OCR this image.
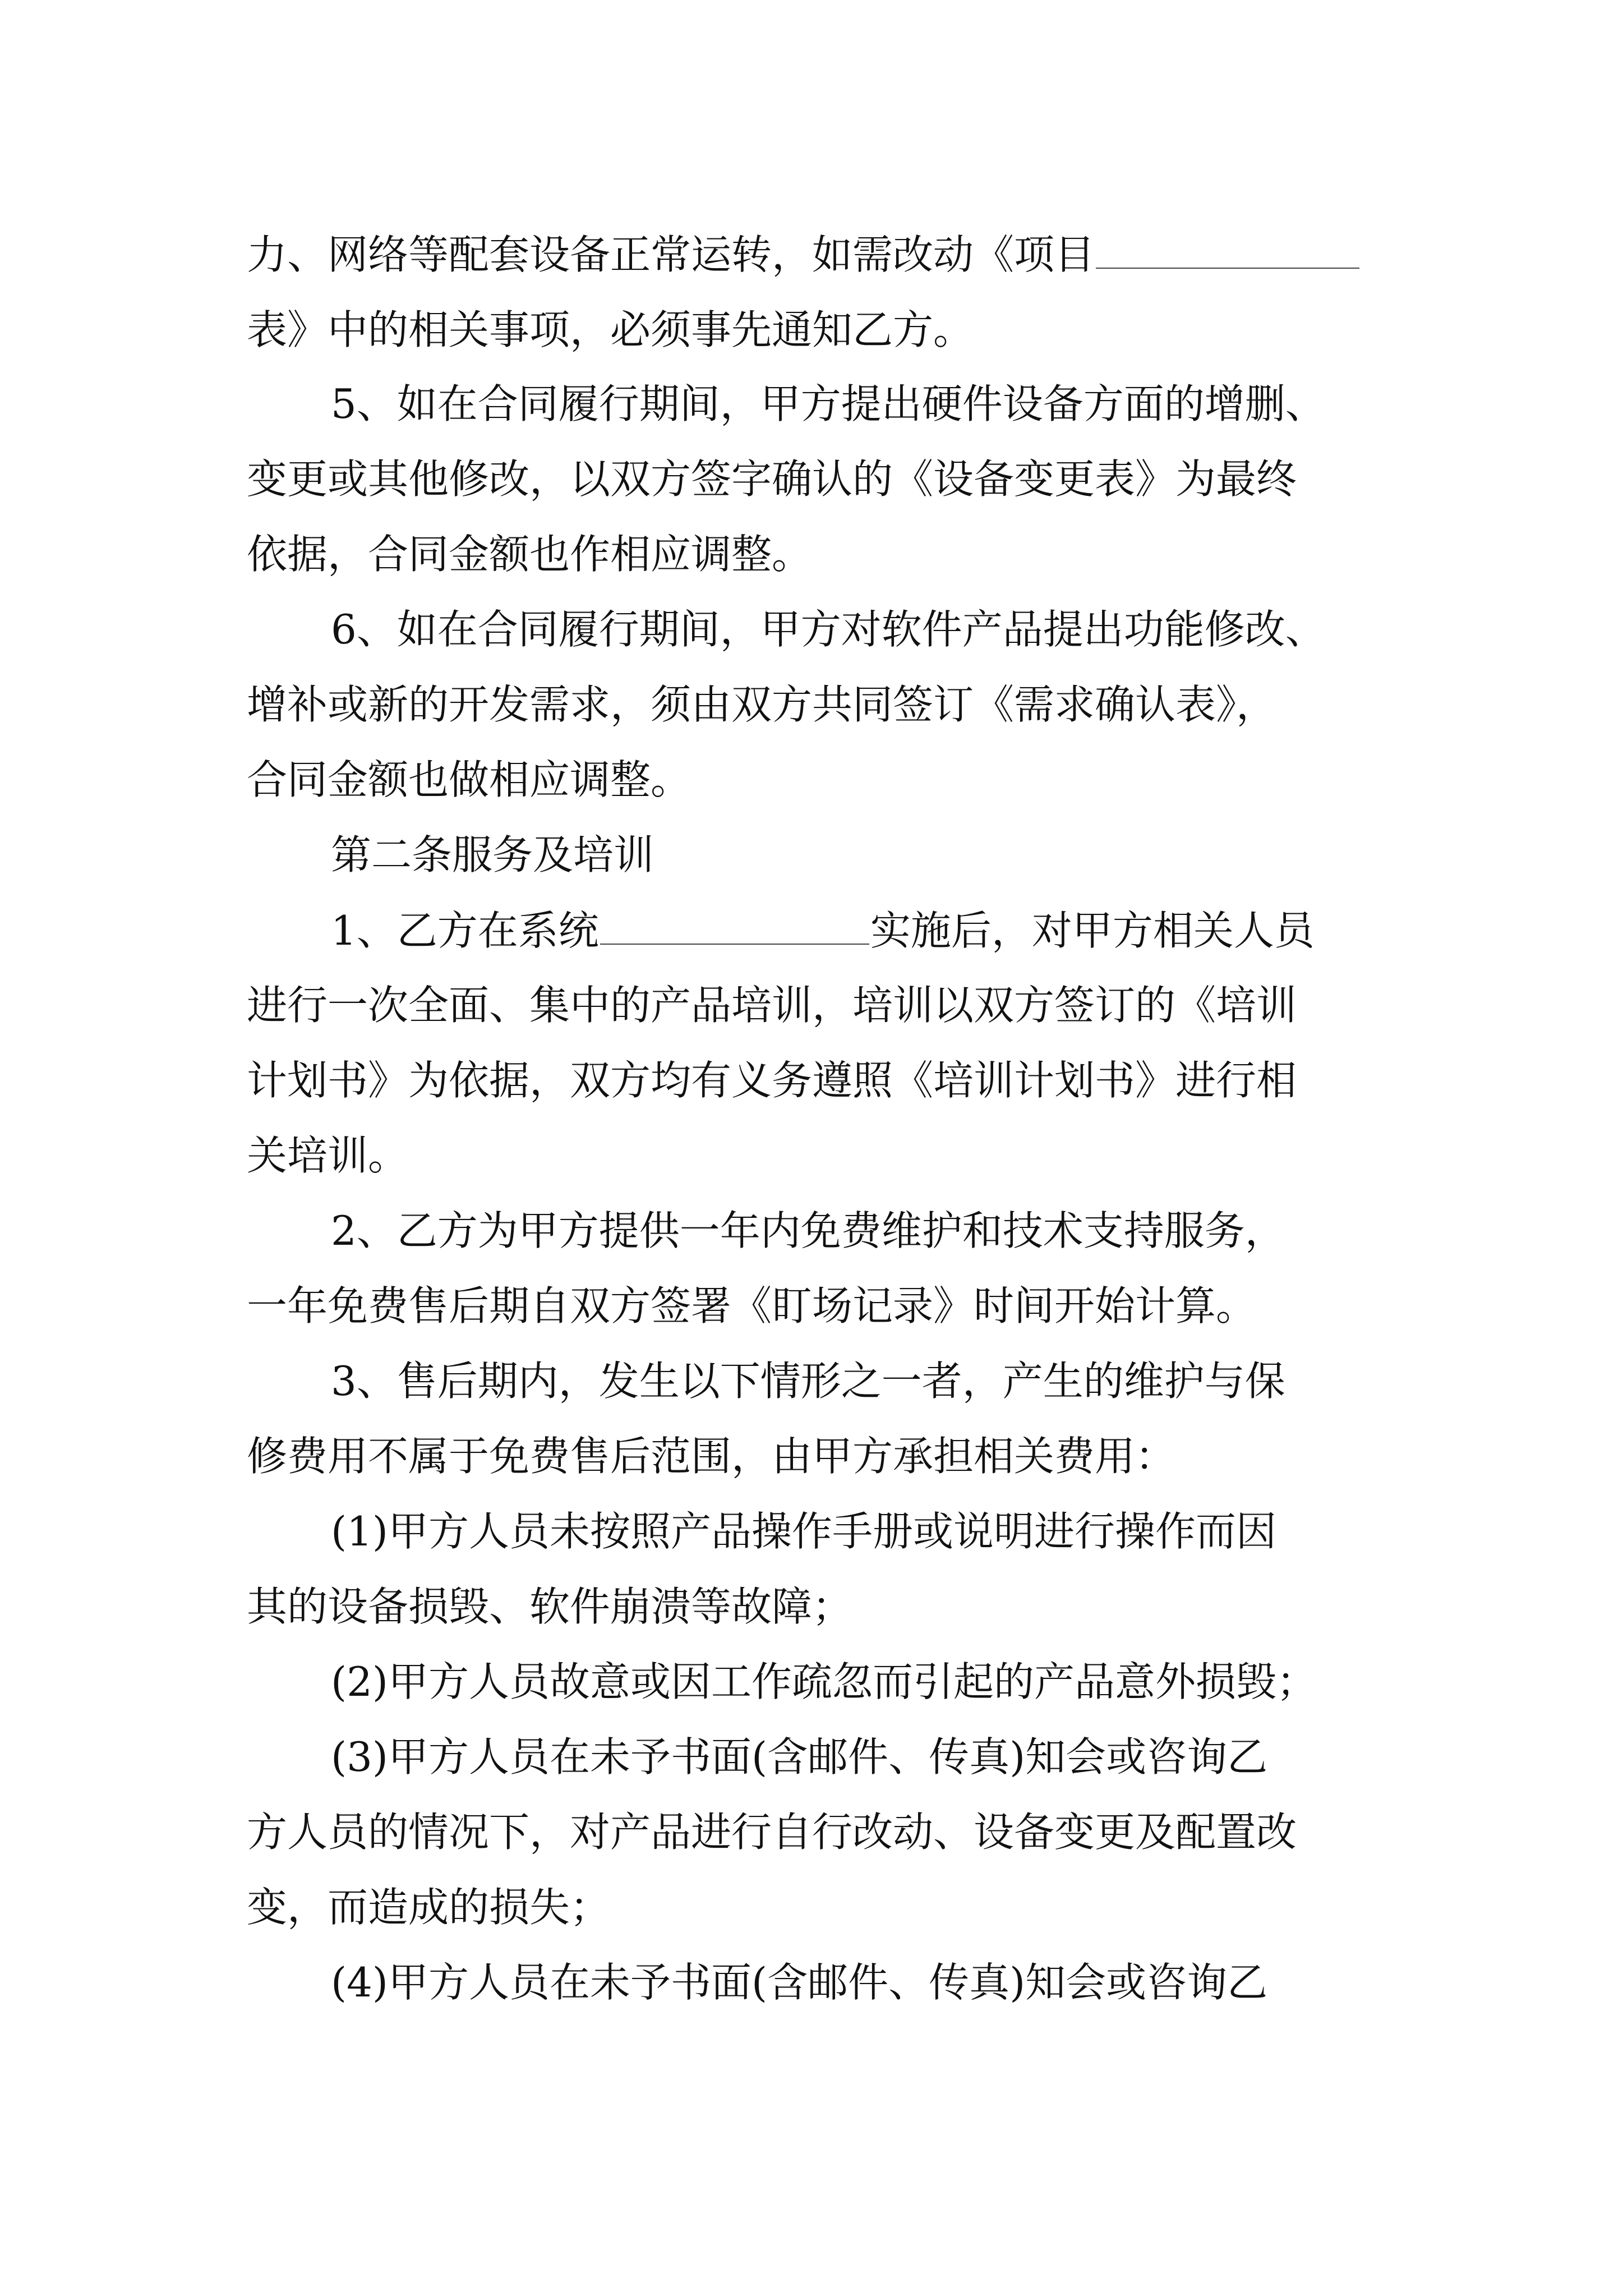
力、网络等配套设备正常运转，如需改动《项目
表》中的相关事项，必须事先通知乙方。
5、如在合同履行期间，甲方提出硬件设备方面的增删、
变更或其他修改，以双方签字确认的《设备变更表》为最终
依据，合同金额也作相应调整。
6、如在合同履行期间，甲方对软件产品提出功能修改、
增补或新的开发需求，须由双方共同签订《需求确认表》，
合同金额也做相应调整。
第二条服务及培训
1、乙方在系统	实施后，对甲方相关人员
进行一次全面、集中的产品培训，培训以双方签订的《培训
计划书》为依据，双方均有义务遵照《培训计划书》进行相
关培训。
2、乙方为甲方提供一年内免费维护和技术支持服务，
一年免费售后期自双方签署《盯场记录》时间开始计算。
3、售后期内，发生以下情形之一者，产生的维护与保
修费用不属于免费售后范围，由甲方承担相关费用：
(1)甲方人员未按照产品操作手册或说明进行操作而因
其的设备损毁、软件崩溃等故障；
(2)甲方人员故意或因工作疏忽而引起的产品意外损毁；
(3)甲方人员在未予书面(含邮件、传真)知会或咨询乙
方人员的情况下，对产品进行自行改动、设备变更及配置改
变，而造成的损失；
(4)甲方人员在未予书面(含邮件、传真)知会或咨询乙
